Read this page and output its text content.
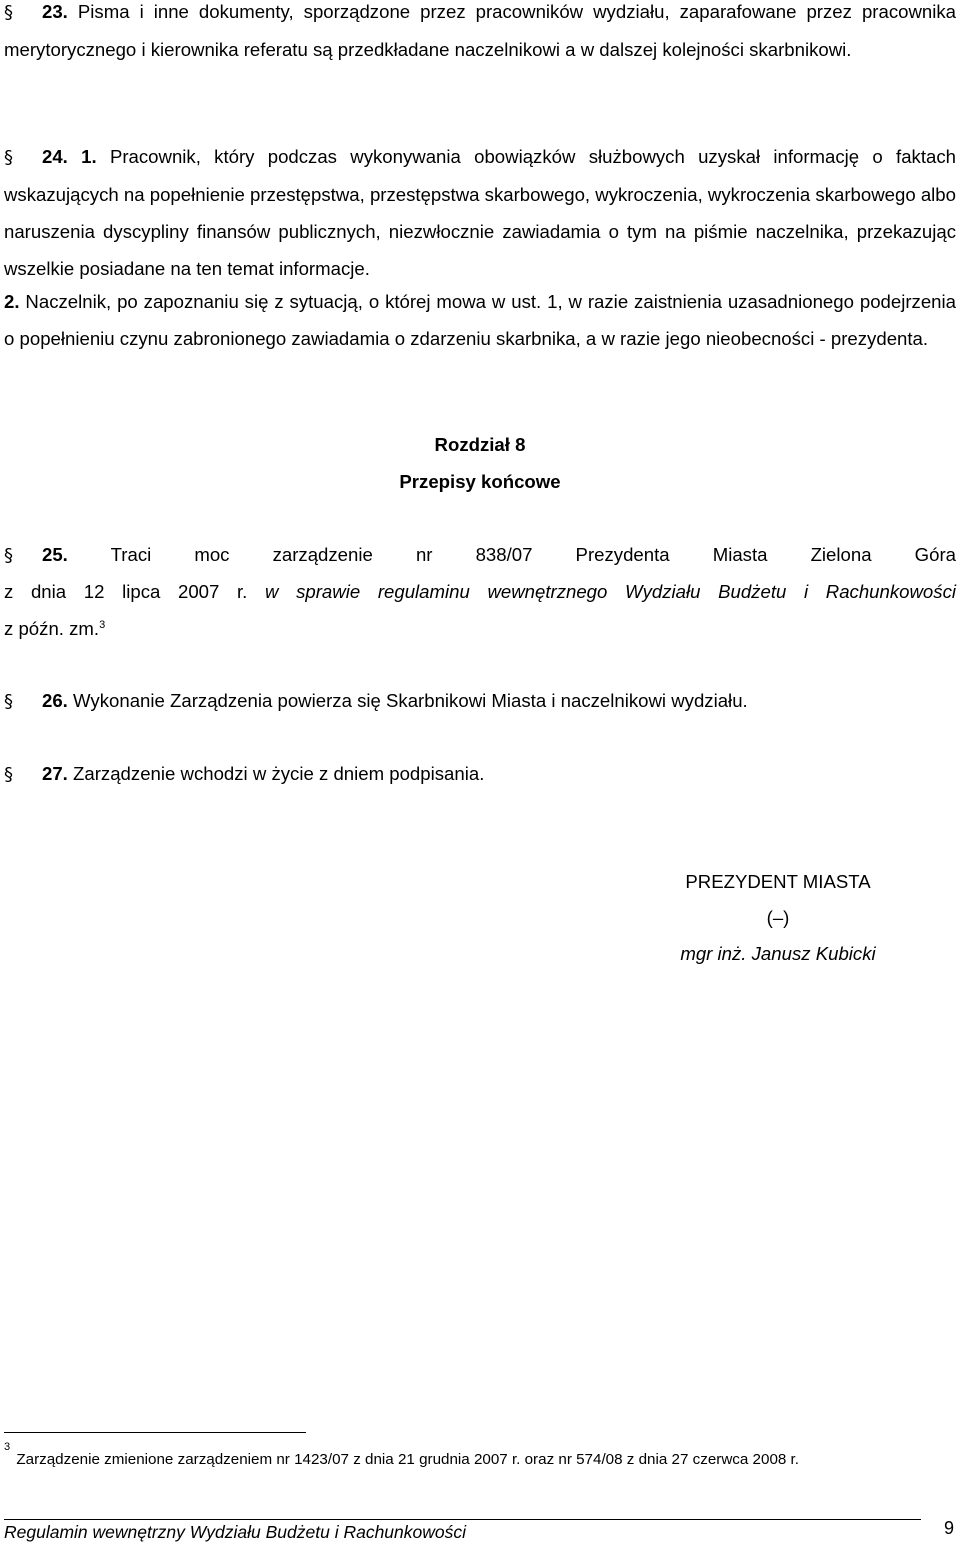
§ 23. Pisma i inne dokumenty, sporządzone przez pracowników wydziału, zaparafowane przez pracownika merytorycznego i kierownika referatu są przedkładane naczelnikowi a w dalszej kolejności skarbnikowi.
§ 24. 1. Pracownik, który podczas wykonywania obowiązków służbowych uzyskał informację o faktach wskazujących na popełnienie przestępstwa, przestępstwa skarbowego, wykroczenia, wykroczenia skarbowego albo naruszenia dyscypliny finansów publicznych, niezwłocznie zawiadamia o tym na piśmie naczelnika, przekazując wszelkie posiadane na ten temat informacje.
2. Naczelnik, po zapoznaniu się z sytuacją, o której mowa w ust. 1, w razie zaistnienia uzasadnionego podejrzenia o popełnieniu czynu zabronionego zawiadamia o zdarzeniu skarbnika, a w razie jego nieobecności - prezydenta.
Rozdział 8
Przepisy końcowe
§ 25. Traci moc zarządzenie nr 838/07 Prezydenta Miasta Zielona Góra
z dnia 12 lipca 2007 r. w sprawie regulaminu wewnętrznego Wydziału Budżetu i Rachunkowości
z późn. zm.$^3$
§ 26. Wykonanie Zarządzenia powierza się Skarbnikowi Miasta i naczelnikowi wydziału.
§ 27. Zarządzenie wchodzi w życie z dniem podpisania.
PREZYDENT MIASTA
(–)
mgr inż. Janusz Kubicki
$^3$ Zarządzenie zmienione zarządzeniem nr 1423/07 z dnia 21 grudnia 2007 r. oraz nr 574/08 z dnia 27 czerwca 2008 r.
Regulamin wewnętrzny Wydziału Budżetu i Rachunkowości	9
